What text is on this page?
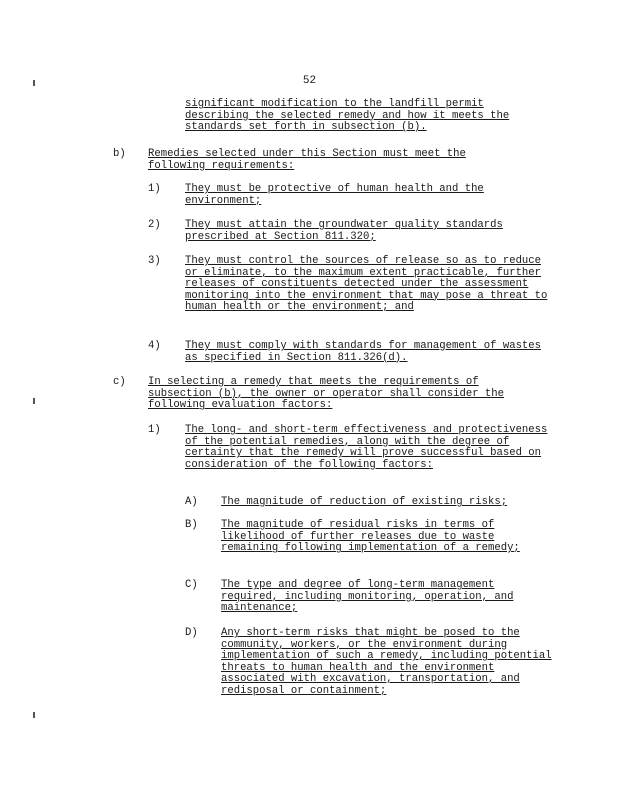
52
significant modification to the landfill permit describing the selected remedy and how it meets the standards set forth in subsection (b).
b)	Remedies selected under this Section must meet the following requirements:
1)	They must be protective of human health and the environment;
2)	They must attain the groundwater quality standards prescribed at Section 811.320;
3)	They must control the sources of release so as to reduce or eliminate, to the maximum extent practicable, further releases of constituents detected under the assessment monitoring into the environment that may pose a threat to human health or the environment; and
4)	They must comply with standards for management of wastes as specified in Section 811.326(d).
c)	In selecting a remedy that meets the requirements of subsection (b), the owner or operator shall consider the following evaluation factors:
1)	The long- and short-term effectiveness and protectiveness of the potential remedies, along with the degree of certainty that the remedy will prove successful based on consideration of the following factors:
A)	The magnitude of reduction of existing risks;
B)	The magnitude of residual risks in terms of likelihood of further releases due to waste remaining following implementation of a remedy;
C)	The type and degree of long-term management required, including monitoring, operation, and maintenance;
D)	Any short-term risks that might be posed to the community, workers, or the environment during implementation of such a remedy, including potential threats to human health and the environment associated with excavation, transportation, and redisposal or containment;
